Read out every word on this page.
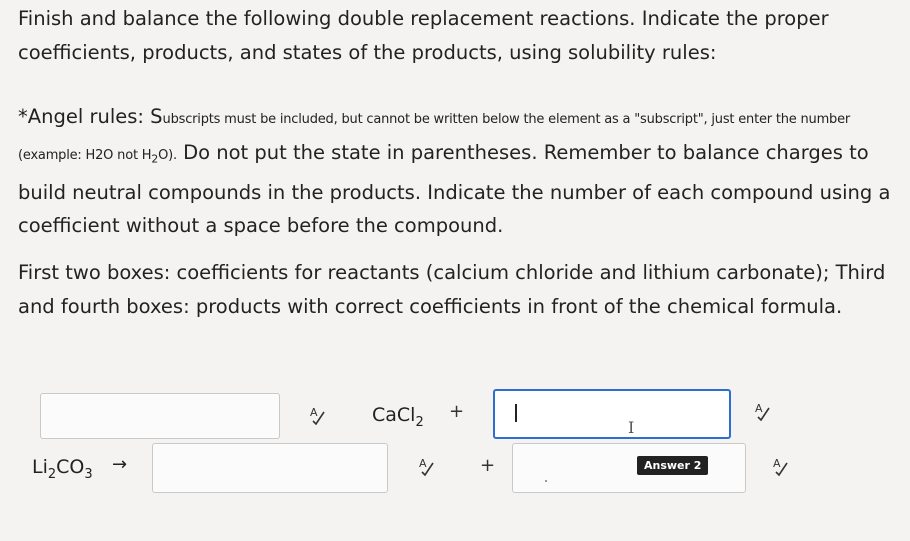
Finish and balance the following double replacement reactions. Indicate the proper coefficients, products, and states of the products, using solubility rules:
*Angel rules: Subscripts must be included, but cannot be written below the element as a "subscript", just enter the number (example: H2O not $H_2O$). Do not put the state in parentheses. Remember to balance charges to build neutral compounds in the products. Indicate the number of each compound using a coefficient without a space before the compound.
First two boxes: coefficients for reactants (calcium chloride and lithium carbonate); Third and fourth boxes: products with correct coefficients in front of the chemical formula.
A	CaCl$_2$
+
I
A
$Li_2CO_3$ →	A	+	Answer 2	A
